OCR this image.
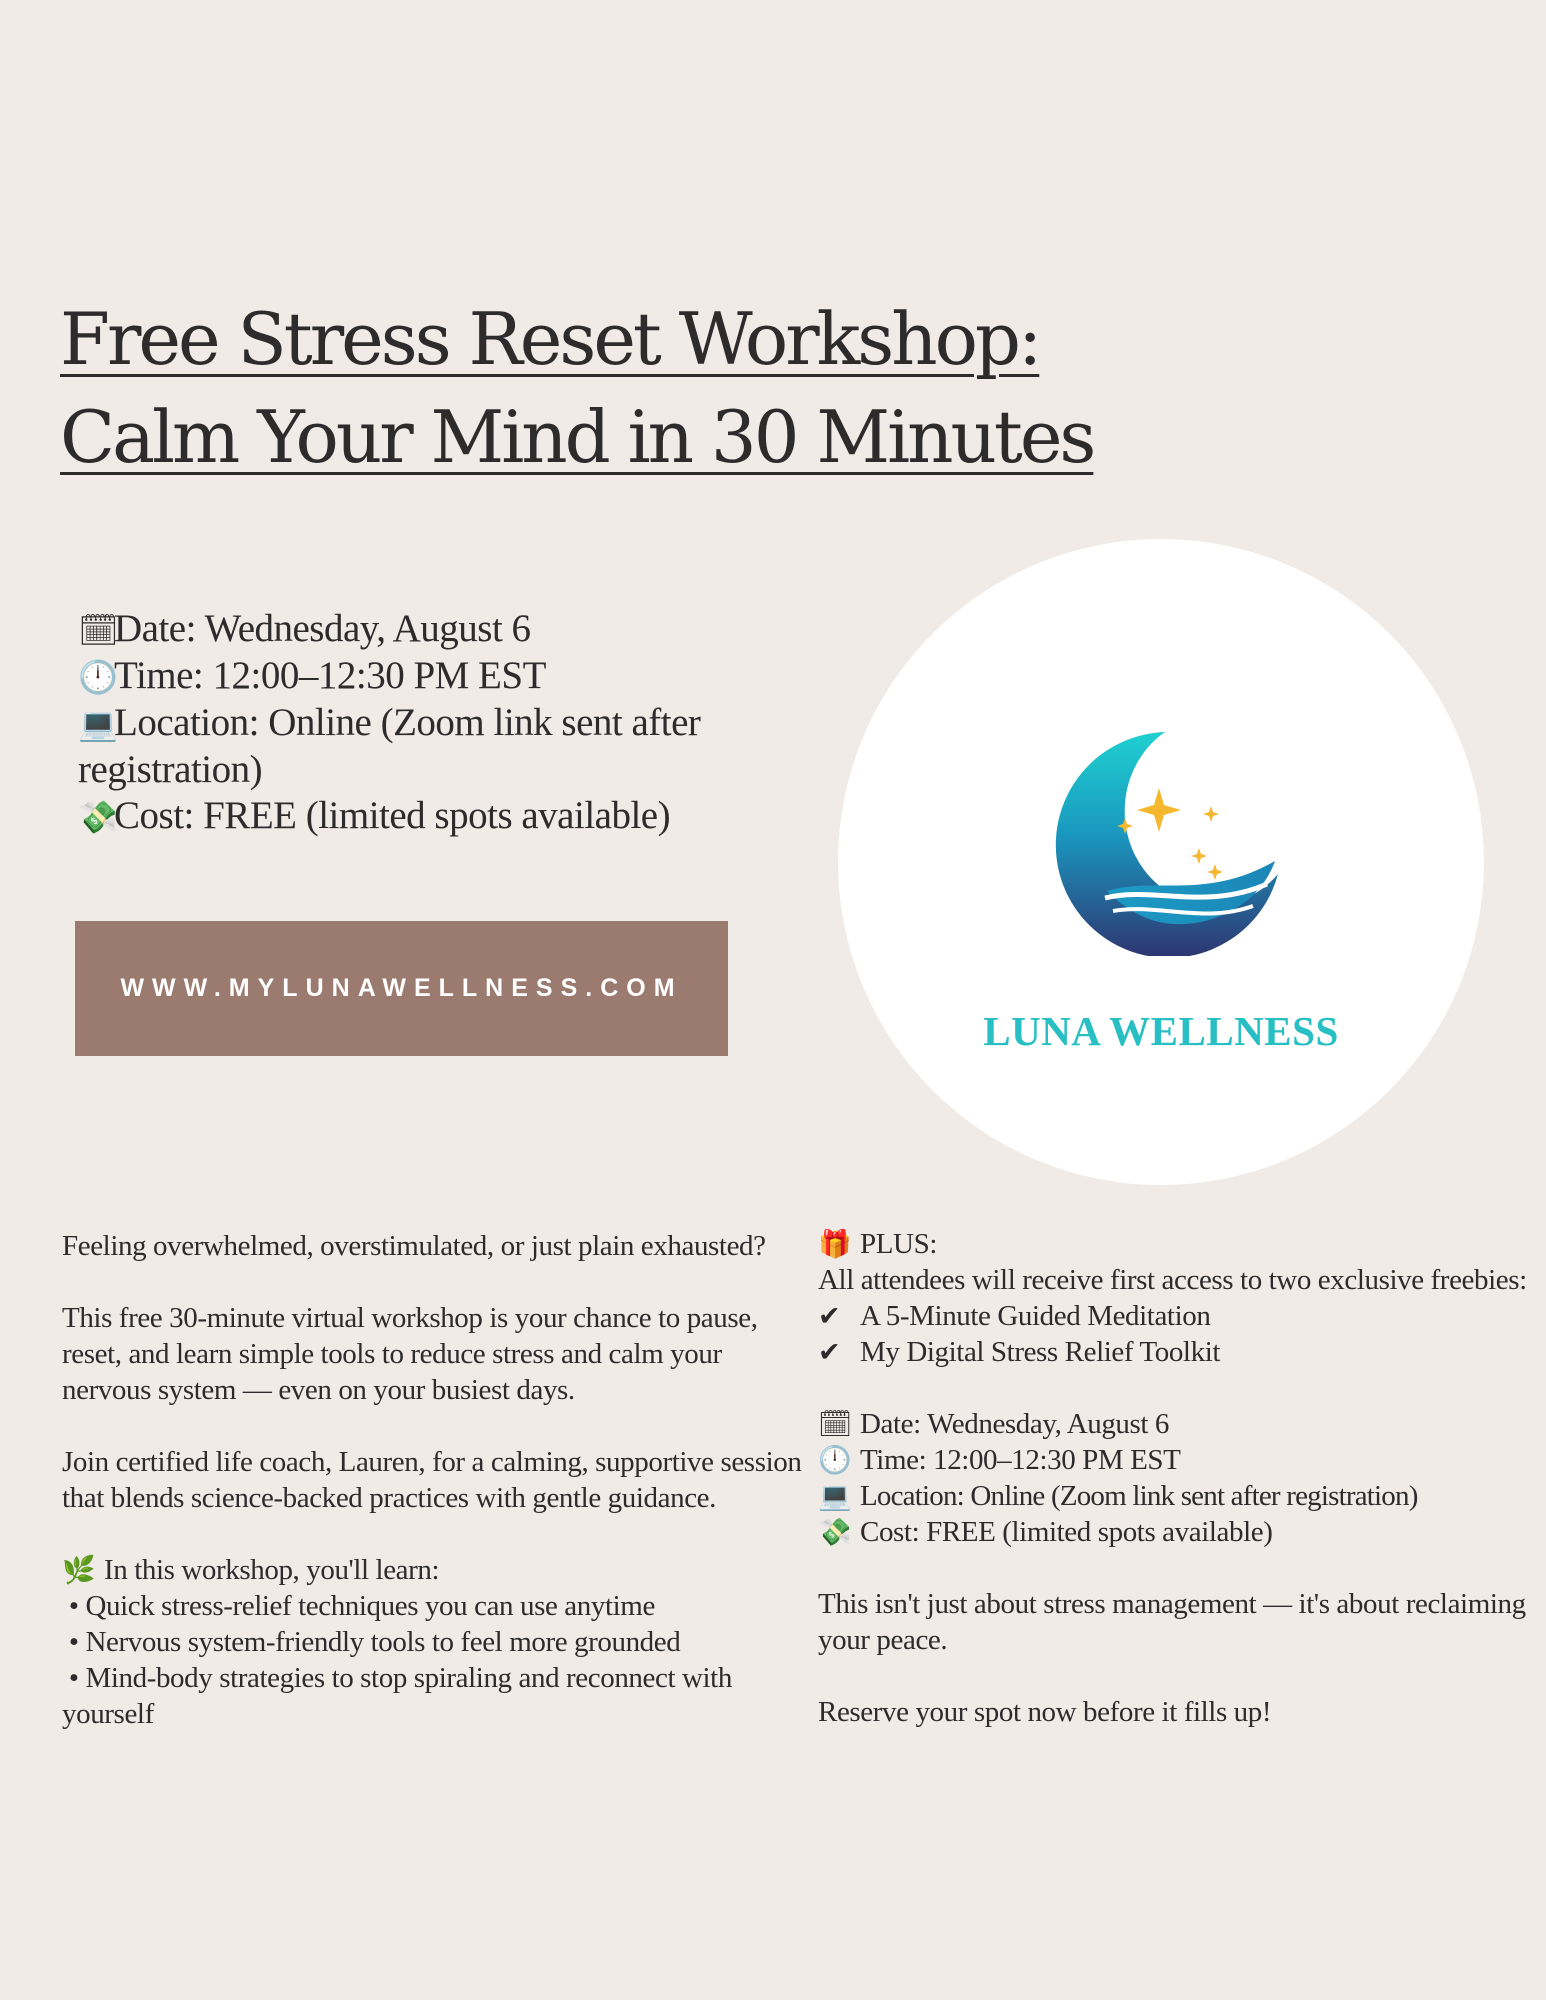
Free Stress Reset Workshop:
Calm Your Mind in 30 Minutes
🗓Date: Wednesday, August 6
🕛Time: 12:00–12:30 PM EST
💻Location: Online (Zoom link sent after registration)
💸Cost: FREE (limited spots available)
WWW.MYLUNAWELLNESS.COM
LUNA WELLNESS

Feeling overwhelmed, overstimulated, or just plain exhausted?

This free 30-minute virtual workshop is your chance to pause, reset, and learn simple tools to reduce stress and calm your nervous system — even on your busiest days.

Join certified life coach, Lauren, for a calming, supportive session that blends science-backed practices with gentle guidance.

🌿 In this workshop, you'll learn:
• Quick stress-relief techniques you can use anytime
• Nervous system-friendly tools to feel more grounded
• Mind-body strategies to stop spiraling and reconnect with yourself
🎁 PLUS:
All attendees will receive first access to two exclusive freebies:
✔ A 5-Minute Guided Meditation
✔ My Digital Stress Relief Toolkit
🗓 Date: Wednesday, August 6
🕛 Time: 12:00–12:30 PM EST
💻 Location: Online (Zoom link sent after registration)
💸 Cost: FREE (limited spots available)

This isn't just about stress management — it's about reclaiming your peace.

Reserve your spot now before it fills up!
